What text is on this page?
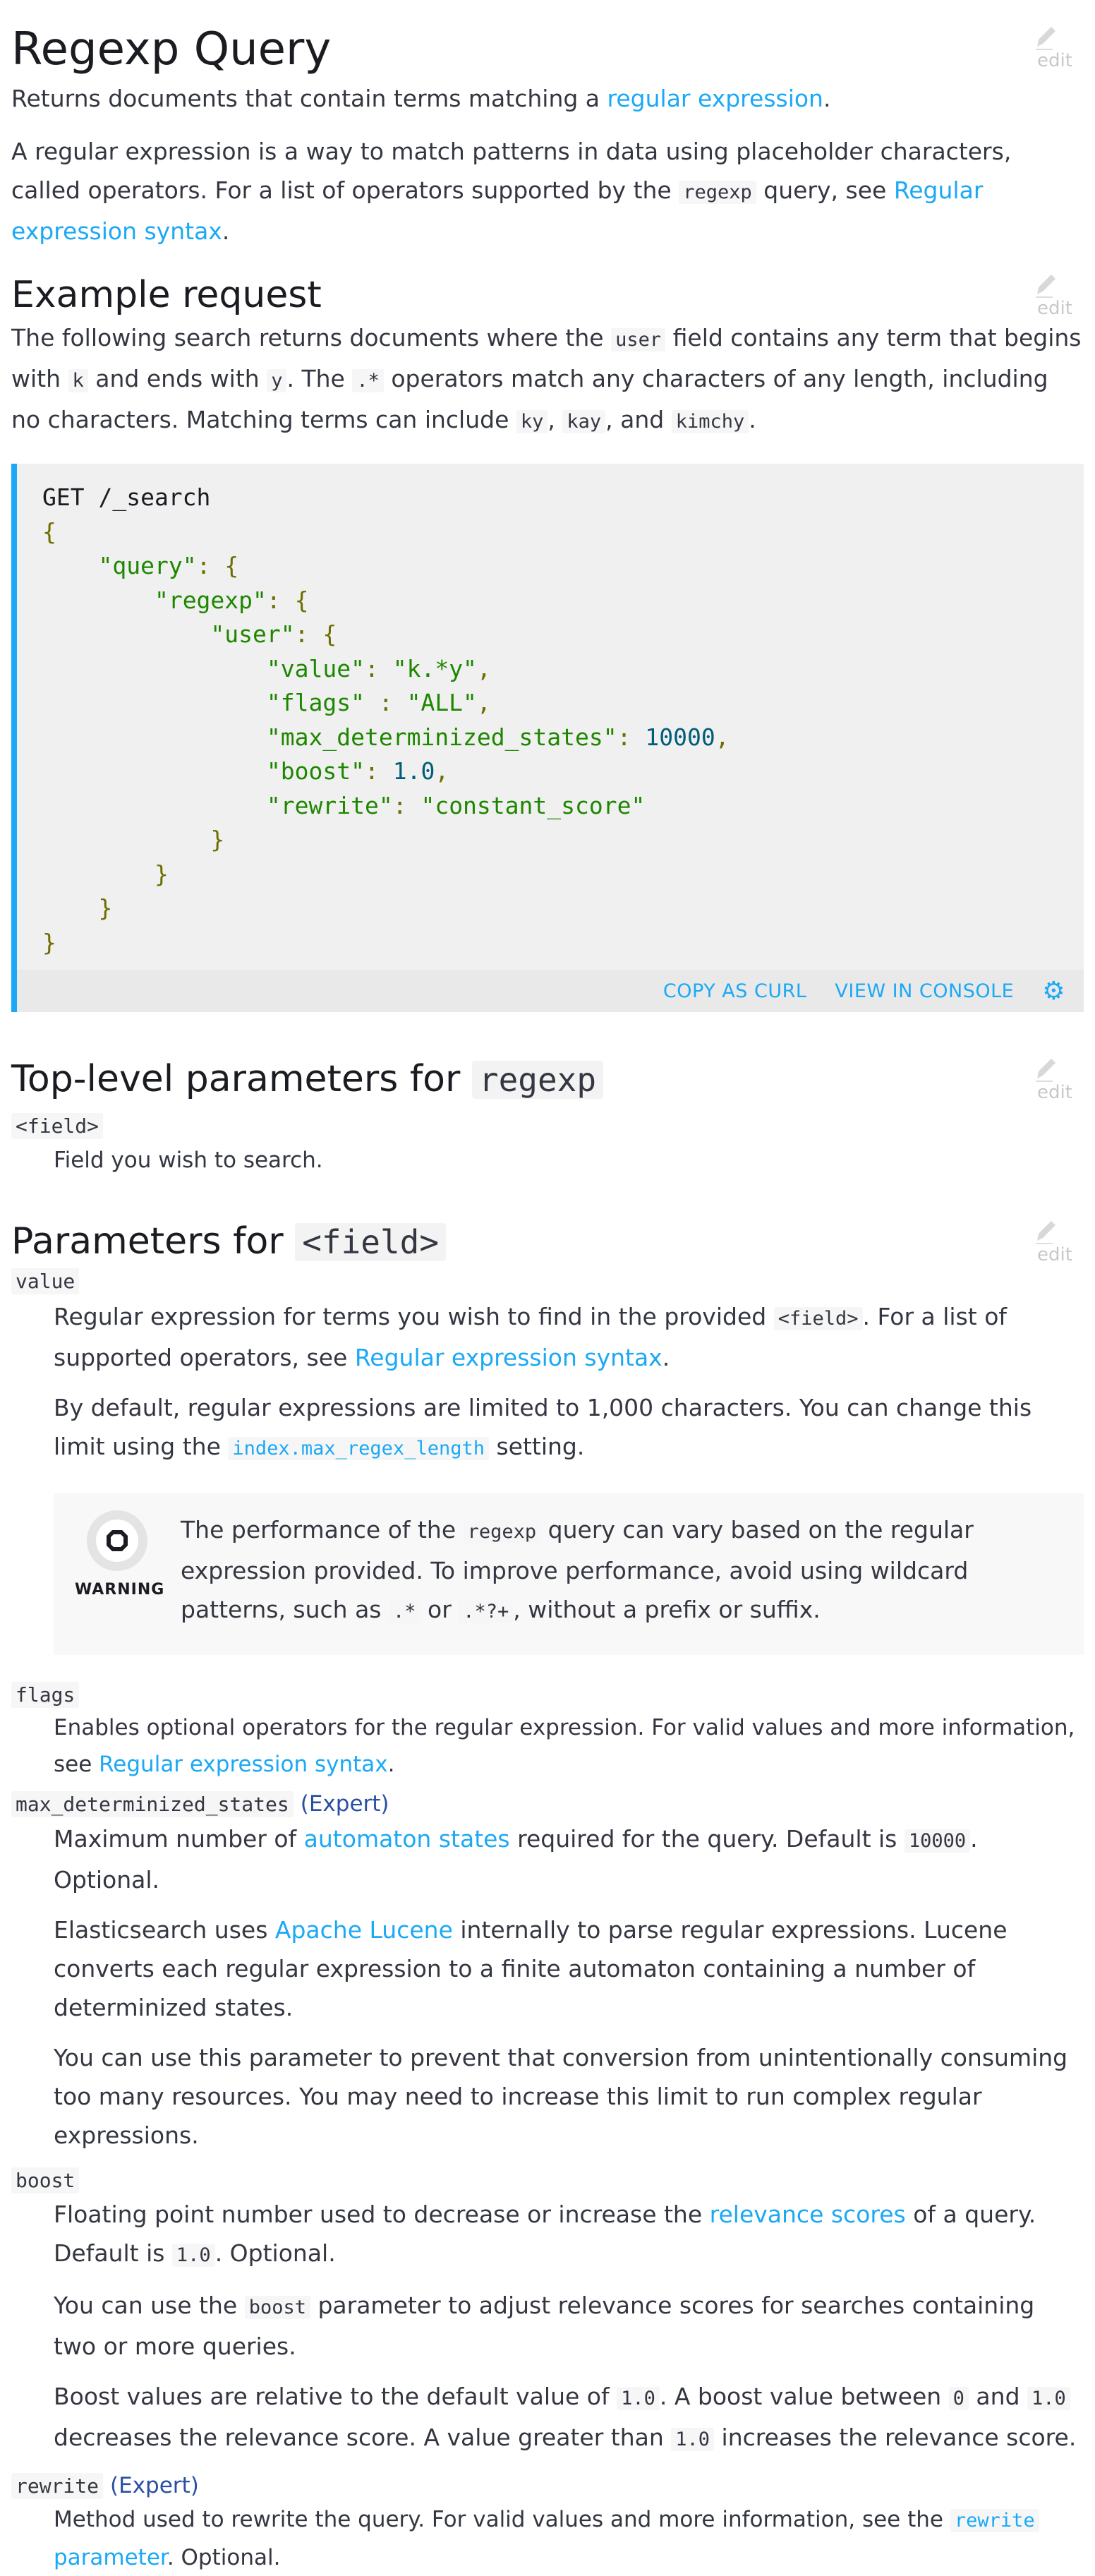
Regexp Query	edit

Returns documents that contain terms matching a regular expression.

A regular expression is a way to match patterns in data using placeholder characters, called operators. For a list of operators supported by the regexp query, see Regular expression syntax.

Example request	edit

The following search returns documents where the user field contains any term that begins with k and ends with y . The .* operators match any characters of any length, including no characters. Matching terms can include ky , kay , and kimchy .

GET /_search
{
"query": {
"regexp": {
"user": {
"value": "k.*y",
"flags" : "ALL",
"max_determinized_states": 10000,
"boost": 1.0,
"rewrite": "constant_score"
}
}
}
}
COPY AS CURL VIEW IN CONSOLE ⚙
Top-level parameters for regexp	edit
<field>

Field you wish to search.

Parameters for <field>	edit
value

Regular expression for terms you wish to find in the provided <field> . For a list of supported operators, see Regular expression syntax.

By default, regular expressions are limited to 1,000 characters. You can change this limit using the index.max_regex_length setting.

WARNING
The performance of the regexp query can vary based on the regular expression provided. To improve performance, avoid using wildcard patterns, such as .* or .*?+ , without a prefix or suffix.
flags

Enables optional operators for the regular expression. For valid values and more information, see Regular expression syntax.

max_determinized_states (Expert)

Maximum number of automaton states required for the query. Default is 10000 . Optional.

Elasticsearch uses Apache Lucene internally to parse regular expressions. Lucene converts each regular expression to a finite automaton containing a number of determinized states.

You can use this parameter to prevent that conversion from unintentionally consuming too many resources. You may need to increase this limit to run complex regular expressions.

boost

Floating point number used to decrease or increase the relevance scores of a query. Default is 1.0 . Optional.

You can use the boost parameter to adjust relevance scores for searches containing two or more queries.

Boost values are relative to the default value of 1.0 . A boost value between 0 and 1.0 decreases the relevance score. A value greater than 1.0 increases the relevance score.

rewrite (Expert)

Method used to rewrite the query. For valid values and more information, see the rewrite parameter. Optional.
